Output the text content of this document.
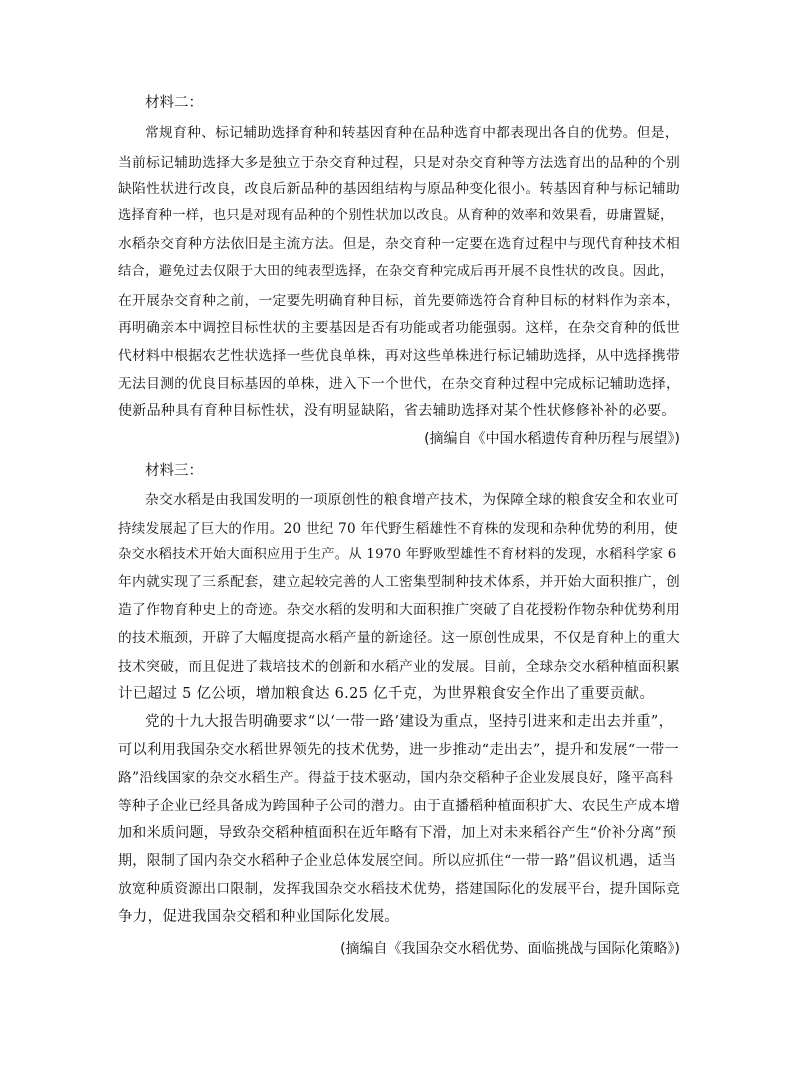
材料二：
常规育种、标记辅助选择育种和转基因育种在品种选育中都表现出各自的优势。但是，
当前标记辅助选择大多是独立于杂交育种过程，只是对杂交育种等方法选育出的品种的个别
缺陷性状进行改良，改良后新品种的基因组结构与原品种变化很小。转基因育种与标记辅助
选择育种一样，也只是对现有品种的个别性状加以改良。从育种的效率和效果看，毋庸置疑，
水稻杂交育种方法依旧是主流方法。但是，杂交育种一定要在选育过程中与现代育种技术相
结合，避免过去仅限于大田的纯表型选择，在杂交育种完成后再开展不良性状的改良。因此，
在开展杂交育种之前，一定要先明确育种目标，首先要筛选符合育种目标的材料作为亲本，
再明确亲本中调控目标性状的主要基因是否有功能或者功能强弱。这样，在杂交育种的低世
代材料中根据农艺性状选择一些优良单株，再对这些单株进行标记辅助选择，从中选择携带
无法目测的优良目标基因的单株，进入下一个世代，在杂交育种过程中完成标记辅助选择，
使新品种具有育种目标性状，没有明显缺陷，省去辅助选择对某个性状修修补补的必要。
(摘编自《中国水稻遗传育种历程与展望》)
材料三：
杂交水稻是由我国发明的一项原创性的粮食增产技术，为保障全球的粮食安全和农业可
持续发展起了巨大的作用。20 世纪 70 年代野生稻雄性不育株的发现和杂种优势的利用，使
杂交水稻技术开始大面积应用于生产。从 1970 年野败型雄性不育材料的发现，水稻科学家 6
年内就实现了三系配套，建立起较完善的人工密集型制种技术体系，并开始大面积推广，创
造了作物育种史上的奇迹。杂交水稻的发明和大面积推广突破了自花授粉作物杂种优势利用
的技术瓶颈，开辟了大幅度提高水稻产量的新途径。这一原创性成果，不仅是育种上的重大
技术突破，而且促进了栽培技术的创新和水稻产业的发展。目前，全球杂交水稻种植面积累
计已超过 5 亿公顷，增加粮食达 6.25 亿千克，为世界粮食安全作出了重要贡献。
党的十九大报告明确要求“以‘一带一路’建设为重点，坚持引进来和走出去并重”，
可以利用我国杂交水稻世界领先的技术优势，进一步推动“走出去”，提升和发展“一带一
路”沿线国家的杂交水稻生产。得益于技术驱动，国内杂交稻种子企业发展良好，隆平高科
等种子企业已经具备成为跨国种子公司的潜力。由于直播稻种植面积扩大、农民生产成本增
加和米质问题，导致杂交稻种植面积在近年略有下滑，加上对未来稻谷产生“价补分离”预
期，限制了国内杂交水稻种子企业总体发展空间。所以应抓住“一带一路”倡议机遇，适当
放宽种质资源出口限制，发挥我国杂交水稻技术优势，搭建国际化的发展平台，提升国际竞
争力，促进我国杂交稻和种业国际化发展。
(摘编自《我国杂交水稻优势、面临挑战与国际化策略》)
